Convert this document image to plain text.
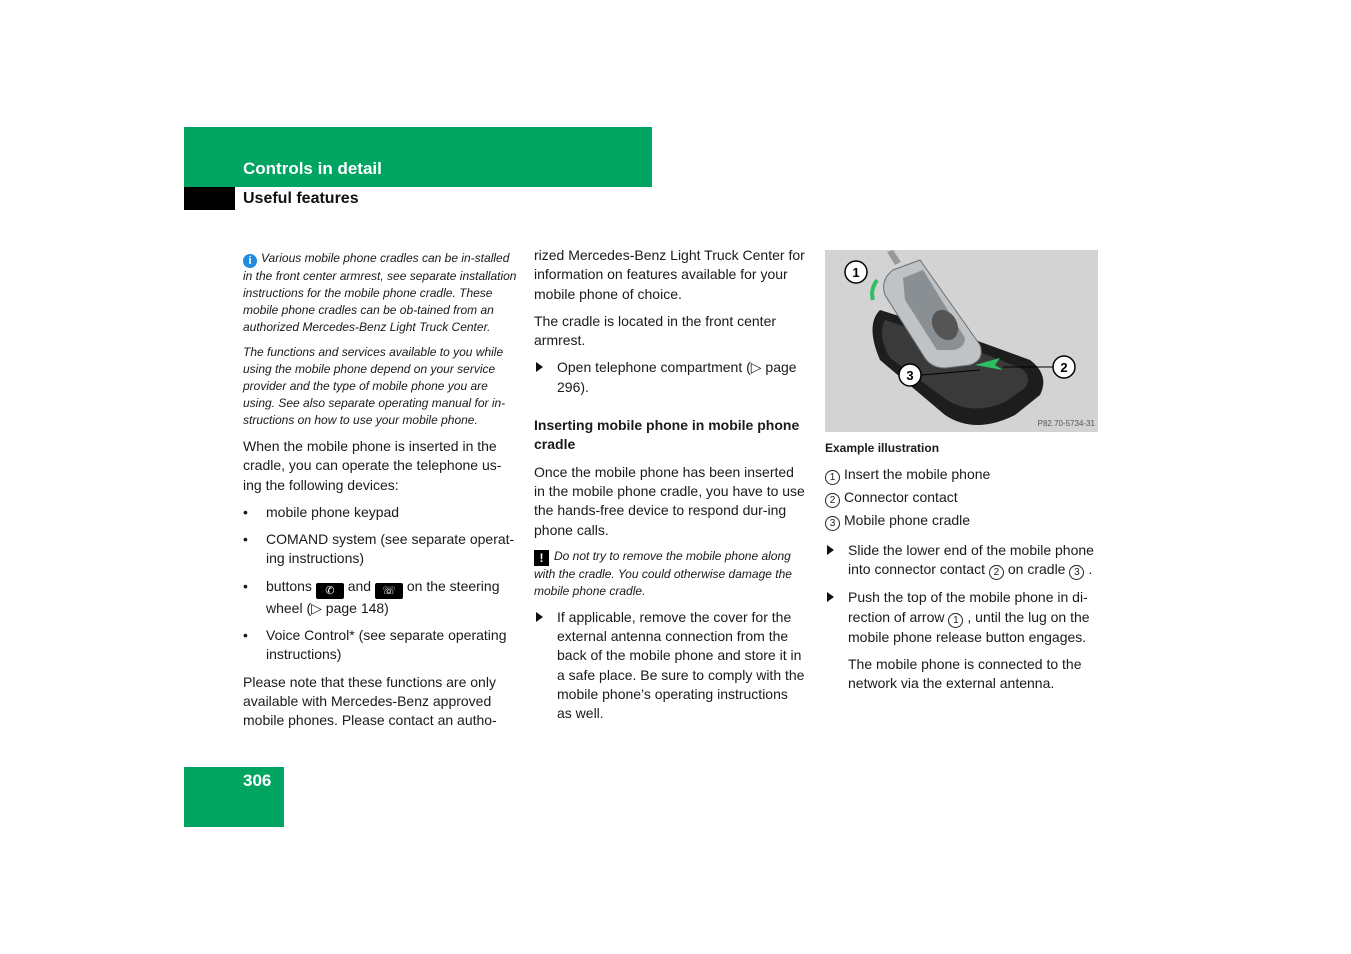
Controls in detail
Useful features

i Various mobile phone cradles can be in-stalled in the front center armrest, see separate installation instructions for the mobile phone cradle. These mobile phone cradles can be ob-tained from an authorized Mercedes-Benz Light Truck Center.

The functions and services available to you while using the mobile phone depend on your service provider and the type of mobile phone you are using. See also separate operating manual for in-structions on how to use your mobile phone.

When the mobile phone is inserted in the cradle, you can operate the telephone us-ing the following devices:

• mobile phone keypad
• COMAND system (see separate operat-ing instructions)
• buttons ✆ and ☏ on the steering wheel (▷ page 148)
• Voice Control* (see separate operating instructions)

Please note that these functions are only available with Mercedes-Benz approved mobile phones. Please contact an autho-

rized Mercedes-Benz Light Truck Center for information on features available for your mobile phone of choice.

The cradle is located in the front center armrest.

Open telephone compartment (▷ page 296).

Inserting mobile phone in mobile phone cradle

Once the mobile phone has been inserted in the mobile phone cradle, you have to use the hands-free device to respond dur-ing phone calls.

! Do not try to remove the mobile phone along with the cradle. You could otherwise damage the mobile phone cradle.

If applicable, remove the cover for the external antenna connection from the back of the mobile phone and store it in a safe place. Be sure to comply with the mobile phone’s operating instructions as well.
1
2
3
P82.70-5734-31
Example illustration
1 Insert the mobile phone
2 Connector contact
3 Mobile phone cradle
Slide the lower end of the mobile phone into connector contact 2 on cradle 3 .
Push the top of the mobile phone in di-rection of arrow 1 , until the lug on the mobile phone release button engages.

The mobile phone is connected to the network via the external antenna.

306
